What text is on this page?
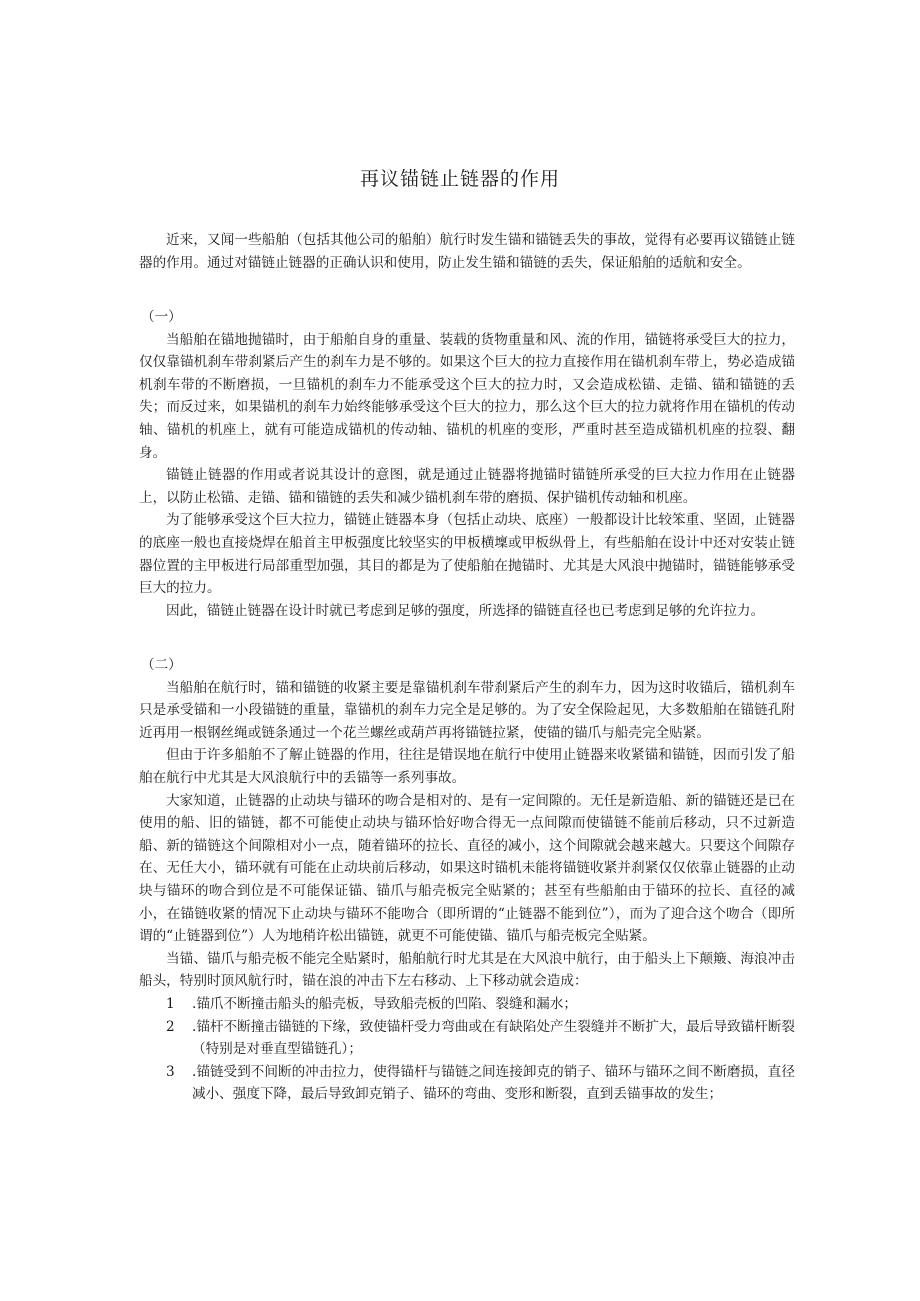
再议锚链止链器的作用

近来，又闻一些船舶（包括其他公司的船舶）航行时发生锚和锚链丢失的事故，觉得有必要再议锚链止链器的作用。通过对锚链止链器的正确认识和使用，防止发生锚和锚链的丢失，保证船舶的适航和安全。

（一）

当船舶在锚地抛锚时，由于船舶自身的重量、装载的货物重量和风、流的作用，锚链将承受巨大的拉力，仅仅靠锚机刹车带刹紧后产生的刹车力是不够的。如果这个巨大的拉力直接作用在锚机刹车带上，势必造成锚机刹车带的不断磨损，一旦锚机的刹车力不能承受这个巨大的拉力时，又会造成松锚、走锚、锚和锚链的丢失；而反过来，如果锚机的刹车力始终能够承受这个巨大的拉力，那么这个巨大的拉力就将作用在锚机的传动轴、锚机的机座上，就有可能造成锚机的传动轴、锚机的机座的变形，严重时甚至造成锚机机座的拉裂、翻身。

锚链止链器的作用或者说其设计的意图，就是通过止链器将抛锚时锚链所承受的巨大拉力作用在止链器上，以防止松锚、走锚、锚和锚链的丢失和减少锚机刹车带的磨损、保护锚机传动轴和机座。

为了能够承受这个巨大拉力，锚链止链器本身（包括止动块、底座）一般都设计比较笨重、坚固，止链器的底座一般也直接烧焊在船首主甲板强度比较坚实的甲板横壈或甲板纵骨上，有些船舶在设计中还对安装止链器位置的主甲板进行局部重型加强，其目的都是为了使船舶在抛锚时、尤其是大风浪中抛锚时，锚链能够承受巨大的拉力。

因此，锚链止链器在设计时就已考虑到足够的强度，所选择的锚链直径也已考虑到足够的允许拉力。

（二）

当船舶在航行时，锚和锚链的收紧主要是靠锚机刹车带刹紧后产生的刹车力，因为这时收锚后，锚机刹车只是承受锚和一小段锚链的重量，靠锚机的刹车力完全是足够的。为了安全保险起见，大多数船舶在锚链孔附近再用一根钢丝绳或链条通过一个花兰螺丝或葫芦再将锚链拉紧，使锚的锚爪与船壳完全贴紧。

但由于许多船舶不了解止链器的作用，往往是错误地在航行中使用止链器来收紧锚和锚链，因而引发了船舶在航行中尤其是大风浪航行中的丢锚等一系列事故。

大家知道，止链器的止动块与锚环的吻合是相对的、是有一定间隙的。无任是新造船、新的锚链还是已在使用的船、旧的锚链，都不可能使止动块与锚环恰好吻合得无一点间隙而使锚链不能前后移动，只不过新造船、新的锚链这个间隙相对小一点，随着锚环的拉长、直径的减小，这个间隙就会越来越大。只要这个间隙存在、无任大小，锚环就有可能在止动块前后移动，如果这时锚机未能将锚链收紧并刹紧仅仅依靠止链器的止动块与锚环的吻合到位是不可能保证锚、锚爪与船壳板完全贴紧的；甚至有些船舶由于锚环的拉长、直径的减小，在锚链收紧的情况下止动块与锚环不能吻合（即所谓的“止链器不能到位”），而为了迎合这个吻合（即所谓的“止链器到位”）人为地稍许松出锚链，就更不可能使锚、锚爪与船壳板完全贴紧。

当锚、锚爪与船壳板不能完全贴紧时，船舶航行时尤其是在大风浪中航行，由于船头上下颠簸、海浪冲击船头，特别时顶风航行时，锚在浪的冲击下左右移动、上下移动就会造成：

1 .锚爪不断撞击船头的船壳板，导致船壳板的凹陷、裂缝和漏水；
2 .锚杆不断撞击锚链的下缘，致使锚杆受力弯曲或在有缺陷处产生裂缝并不断扩大，最后导致锚杆断裂（特别是对垂直型锚链孔）；
3 .锚链受到不间断的冲击拉力，使得锚杆与锚链之间连接卸克的销子、锚环与锚环之间不断磨损，直径减小、强度下降，最后导致卸克销子、锚环的弯曲、变形和断裂，直到丢锚事故的发生；
